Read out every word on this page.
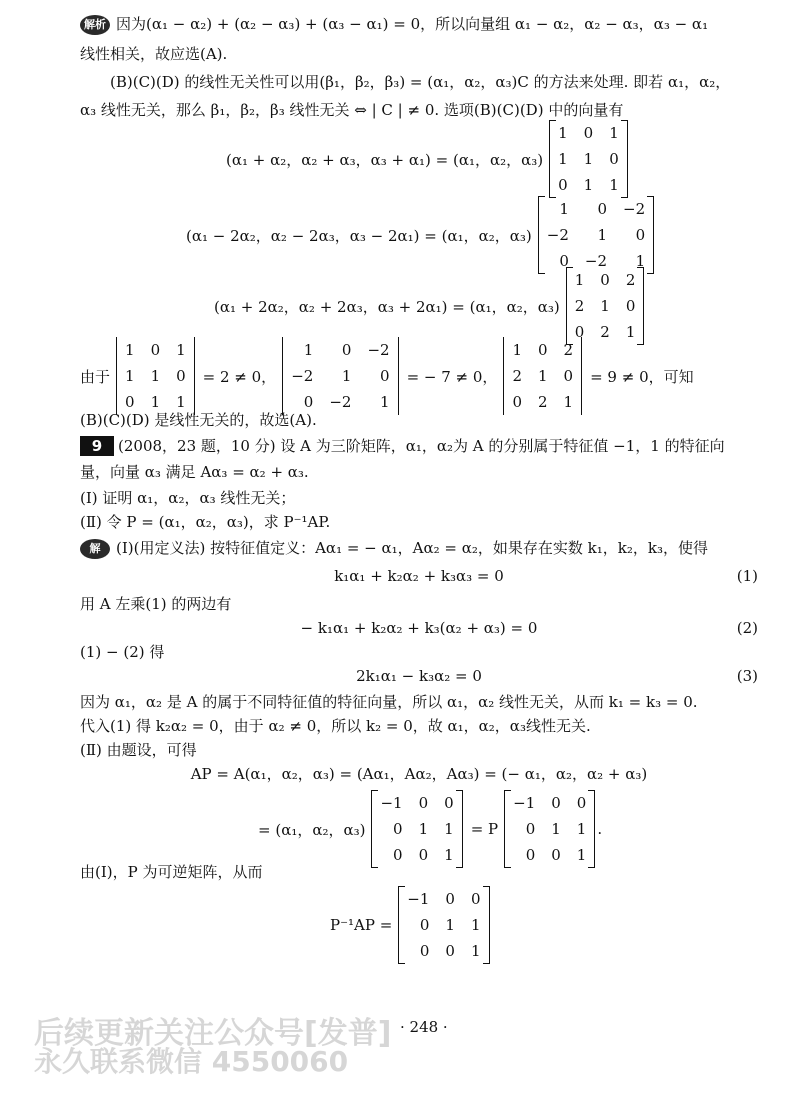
解析 因为(α₁ − α₂) + (α₂ − α₃) + (α₃ − α₁) = 0，所以向量组 α₁ − α₂，α₂ − α₃，α₃ − α₁
线性相关，故应选(A).
(B)(C)(D) 的线性无关性可以用(β₁，β₂，β₃) = (α₁，α₂，α₃)C 的方法来处理. 即若 α₁，α₂，
α₃ 线性无关，那么 β₁，β₂，β₃ 线性无关 ⇔ | C | ≠ 0. 选项(B)(C)(D) 中的向量有
(α₁ + α₂，α₂ + α₃，α₃ + α₁) = (α₁，α₂，α₃)
1 0 1
1 1 0
0 1 1
(α₁ − 2α₂，α₂ − 2α₃，α₃ − 2α₁) = (α₁，α₂，α₃)
1	0 −2
−2	1	0
0 −2	1
(α₁ + 2α₂，α₂ + 2α₃，α₃ + 2α₁) = (α₁，α₂，α₃)
1 0 2
2 1 0
0 2 1
由于
1 0 1
1 1 0
0 1 1
= 2 ≠ 0，
1	0 −2
−2	1	0
0 −2	1
= − 7 ≠ 0，
1 0 2
2 1 0
0 2 1
= 9 ≠ 0，可知
(B)(C)(D) 是线性无关的，故选(A).
9 (2008，23 题，10 分) 设 A 为三阶矩阵，α₁，α₂为 A 的分别属于特征值 −1，1 的特征向
量，向量 α₃ 满足 Aα₃ = α₂ + α₃.
(Ⅰ) 证明 α₁，α₂，α₃ 线性无关；
(Ⅱ) 令 P = (α₁，α₂，α₃)，求 P⁻¹AP.
解 (Ⅰ)(用定义法) 按特征值定义：Aα₁ = − α₁，Aα₂ = α₂，如果存在实数 k₁，k₂，k₃，使得
k₁α₁ + k₂α₂ + k₃α₃ = 0	(1)
用 A 左乘(1) 的两边有
− k₁α₁ + k₂α₂ + k₃(α₂ + α₃) = 0	(2)
(1) − (2) 得
2k₁α₁ − k₃α₂ = 0	(3)
因为 α₁，α₂ 是 A 的属于不同特征值的特征向量，所以 α₁，α₂ 线性无关，从而 k₁ = k₃ = 0.
代入(1) 得 k₂α₂ = 0，由于 α₂ ≠ 0，所以 k₂ = 0，故 α₁，α₂，α₃线性无关.
(Ⅱ) 由题设，可得
AP = A(α₁，α₂，α₃) = (Aα₁，Aα₂，Aα₃) = (− α₁，α₂，α₂ + α₃)
= (α₁，α₂，α₃)
−1 0 0
0 1 1
0 0 1
= P
−1 0 0
0 1 1
0 0 1
.
由(Ⅰ)，P 为可逆矩阵，从而
P⁻¹AP =
−1 0 0
0 1 1
0 0 1
后续更新关注公众号[发普]
永久联系微信 4550060
· 248 ·
